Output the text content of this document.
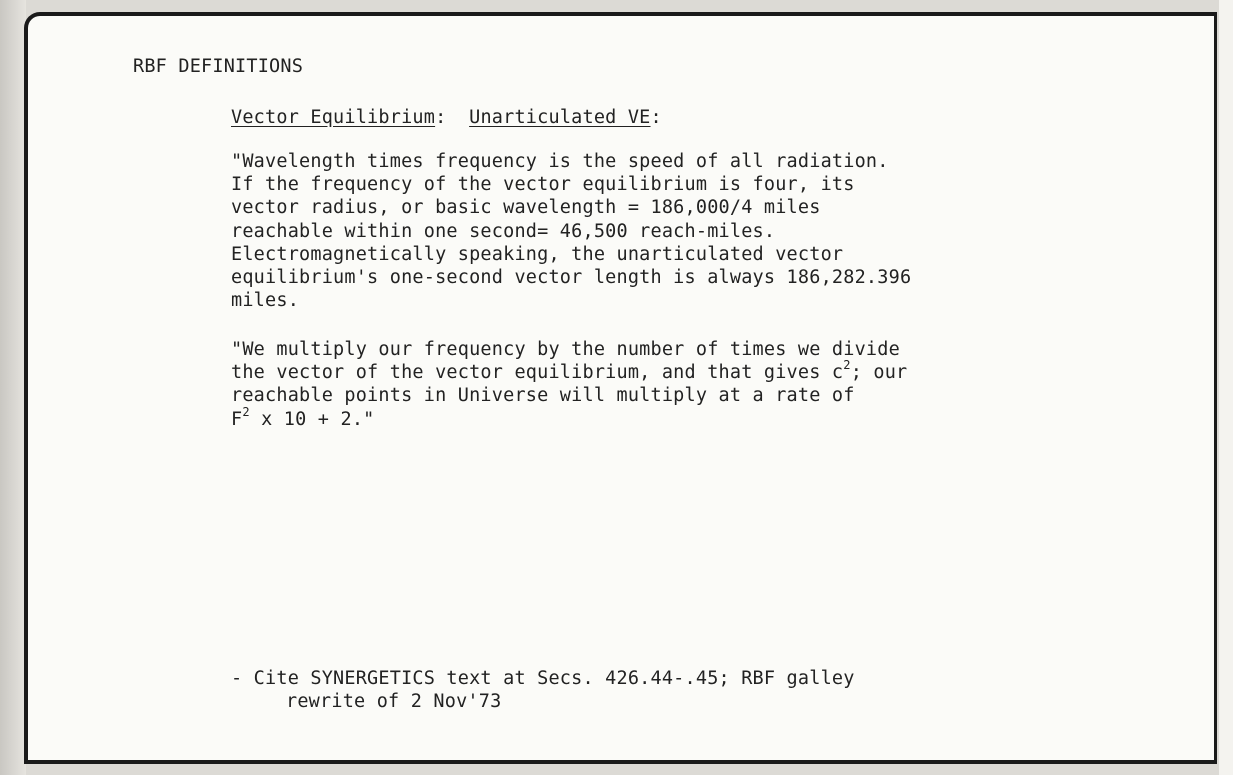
RBF DEFINITIONS
Vector Equilibrium:  Unarticulated VE:
"Wavelength times frequency is the speed of all radiation.
If the frequency of the vector equilibrium is four, its
vector radius, or basic wavelength = 186,000/4 miles
reachable within one second= 46,500 reach-miles.
Electromagnetically speaking, the unarticulated vector
equilibrium's one-second vector length is always 186,282.396
miles.
"We multiply our frequency by the number of times we divide
the vector of the vector equilibrium, and that gives $c^2$; our
reachable points in Universe will multiply at a rate of
$F^2$ x 10 + 2."
- Cite SYNERGETICS text at Secs. 426.44-.45; RBF galley
rewrite of 2 Nov'73
